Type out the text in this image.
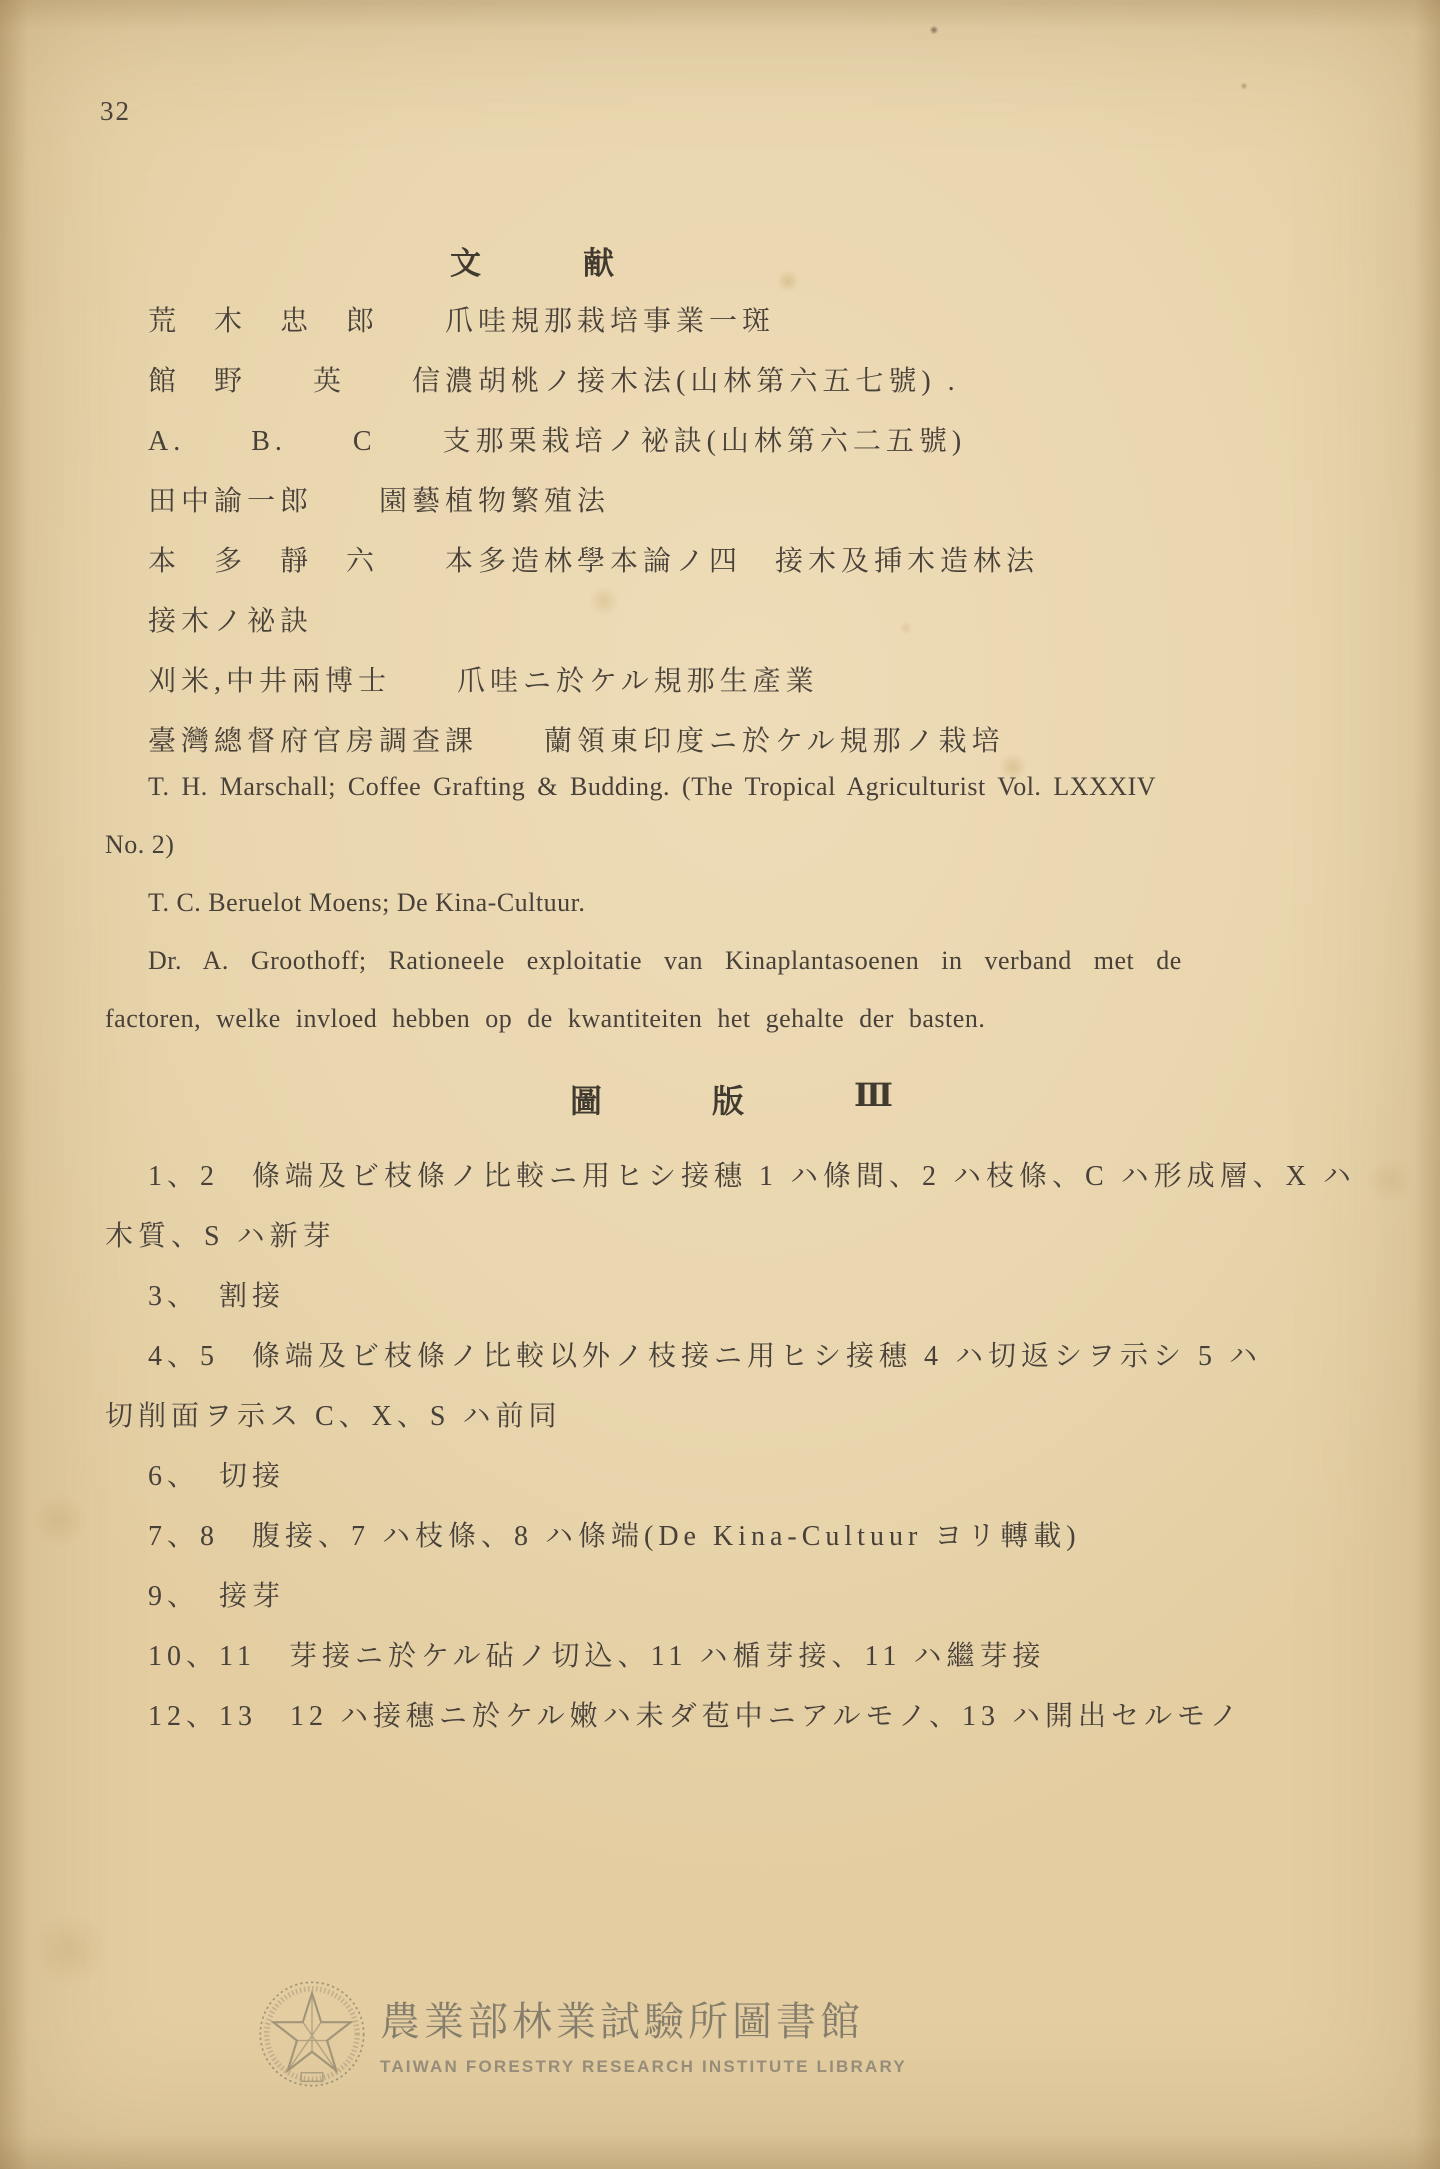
32
文	献
荒　木　忠　郎　　爪哇規那栽培事業一斑
館　野　　英　　信濃胡桃ノ接木法(山林第六五七號) .
A.　　B.　　C　　支那栗栽培ノ祕訣(山林第六二五號)
田中諭一郎　　園藝植物繁殖法
本　多　靜　六　　本多造林學本論ノ四　接木及挿木造林法
接木ノ祕訣
刈米,中井兩博士　　爪哇ニ於ケル規那生產業
臺灣總督府官房調查課　　蘭領東印度ニ於ケル規那ノ栽培
T. H. Marschall; Coffee Grafting & Budding. (The Tropical Agriculturist Vol. LXXXIV
No. 2)
T. C. Beruelot Moens; De Kina-Cultuur.
Dr. A. Groothoff; Rationeele exploitatie van Kinaplantasoenen in verband met de
factoren, welke invloed hebben op de kwantiteiten het gehalte der basten.
圖	版	Ⅲ
1、2　條端及ビ枝條ノ比較ニ用ヒシ接穗 1 ハ條間、2 ハ枝條、C ハ形成層、X ハ
木質、S ハ新芽
3、　割接
4、5　條端及ビ枝條ノ比較以外ノ枝接ニ用ヒシ接穗 4 ハ切返シヲ示シ 5 ハ
切削面ヲ示ス C、X、S ハ前同
6、　切接
7、8　腹接、7 ハ枝條、8 ハ條端(De Kina-Cultuur ヨリ轉載)
9、　接芽
10、11　芽接ニ於ケル砧ノ切込、11 ハ楯芽接、11 ハ繼芽接
12、13　12 ハ接穗ニ於ケル嫩ハ未ダ苞中ニアルモノ、13 ハ開出セルモノ
農業部林業試驗所圖書館
TAIWAN FORESTRY RESEARCH INSTITUTE LIBRARY
